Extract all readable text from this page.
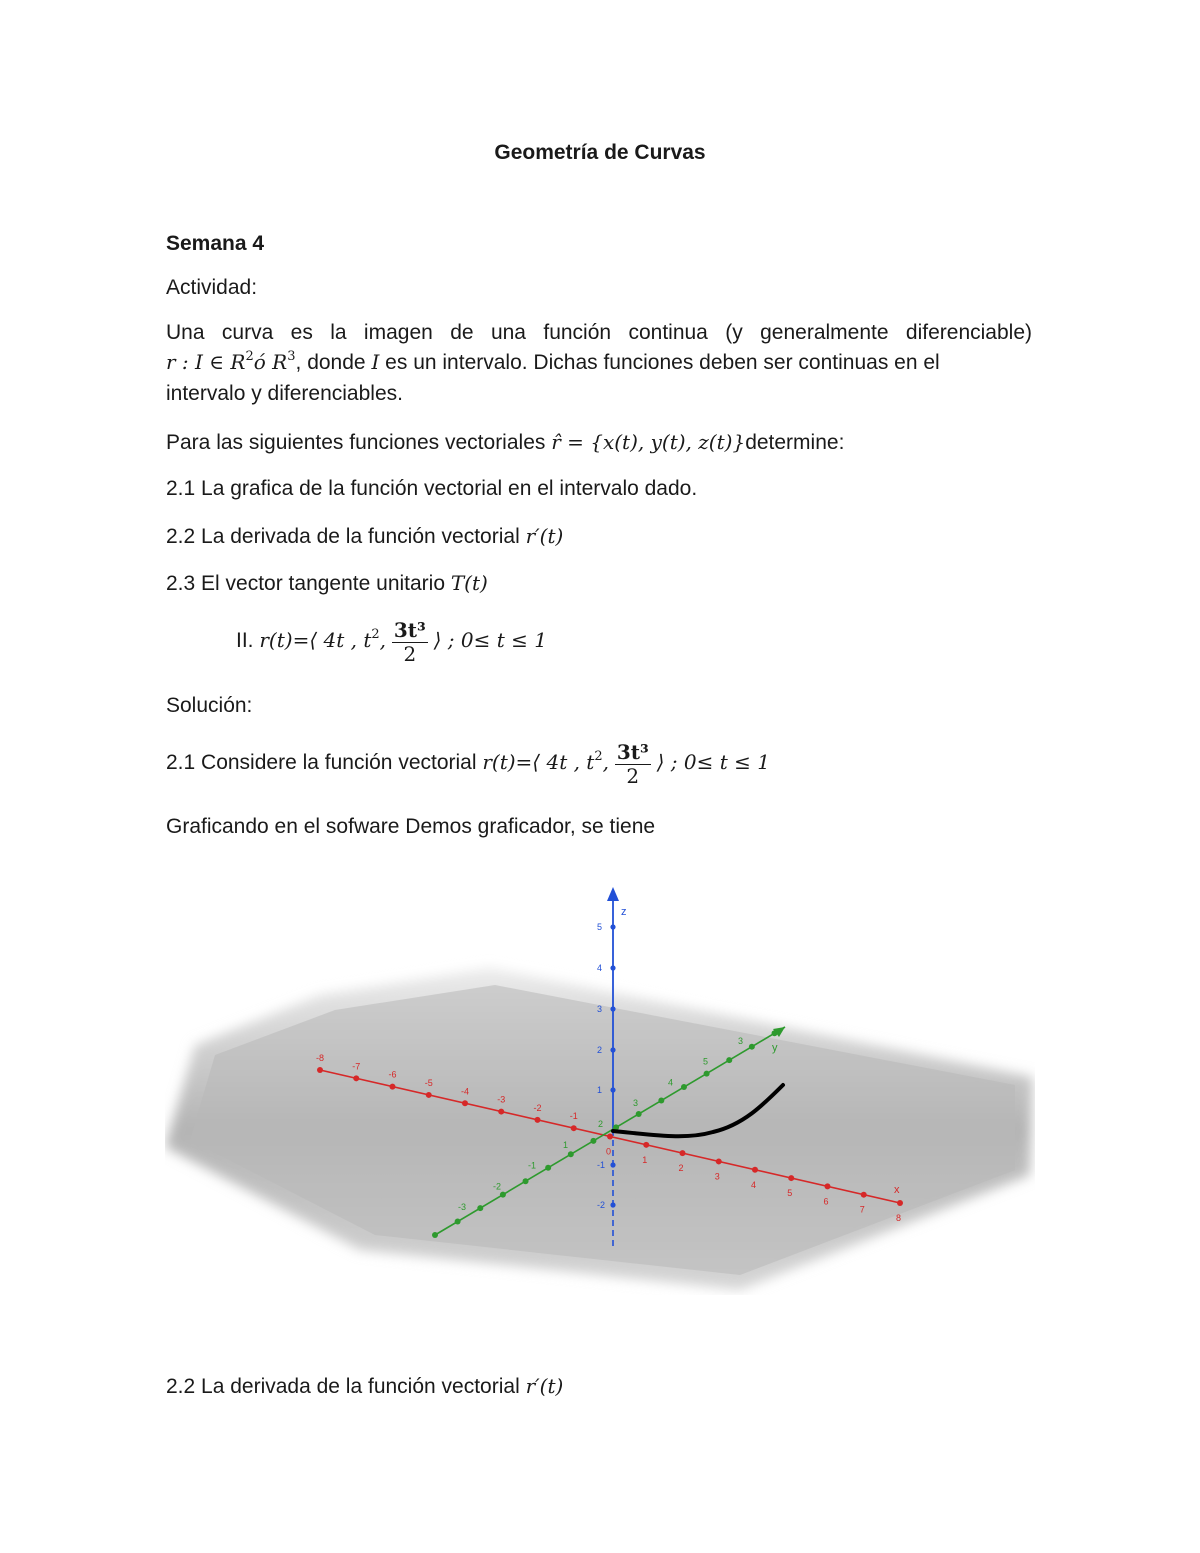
Geometría de Curvas
Semana 4
Actividad:
Una curva es la imagen de una función continua (y generalmente diferenciable)
r : I ∈ $R^2ó$ $R^3$, donde I es un intervalo. Dichas funciones deben ser continuas en el
intervalo y diferenciables.
Para las siguientes funciones vectoriales r̂ = {x(t), y(t), z(t)}determine:
2.1 La grafica de la función vectorial en el intervalo dado.
2.2 La derivada de la función vectorial r′(t)
2.3 El vector tangente unitario T(t)
II. r(t)=⟨ 4t , $t^2$, $\frac{\text{3t³}}{2}$ ⟩ ; 0≤ t ≤ 1
Solución:
2.1 Considere la función vectorial r(t)=⟨ 4t , $t^2$, $\frac{\text{3t³}}{2}$ ⟩ ; 0≤ t ≤ 1
Graficando en el sofware Demos graficador, se tiene
1
2
3
4
5
-1
-2
z
-8
-7
-6
-5
-4
-3
-2
-1
0
1
2
3
4
5
6
7
8
x
-3
-2
-1
1
2
3
4
5
3
y
2.2 La derivada de la función vectorial r′(t)
